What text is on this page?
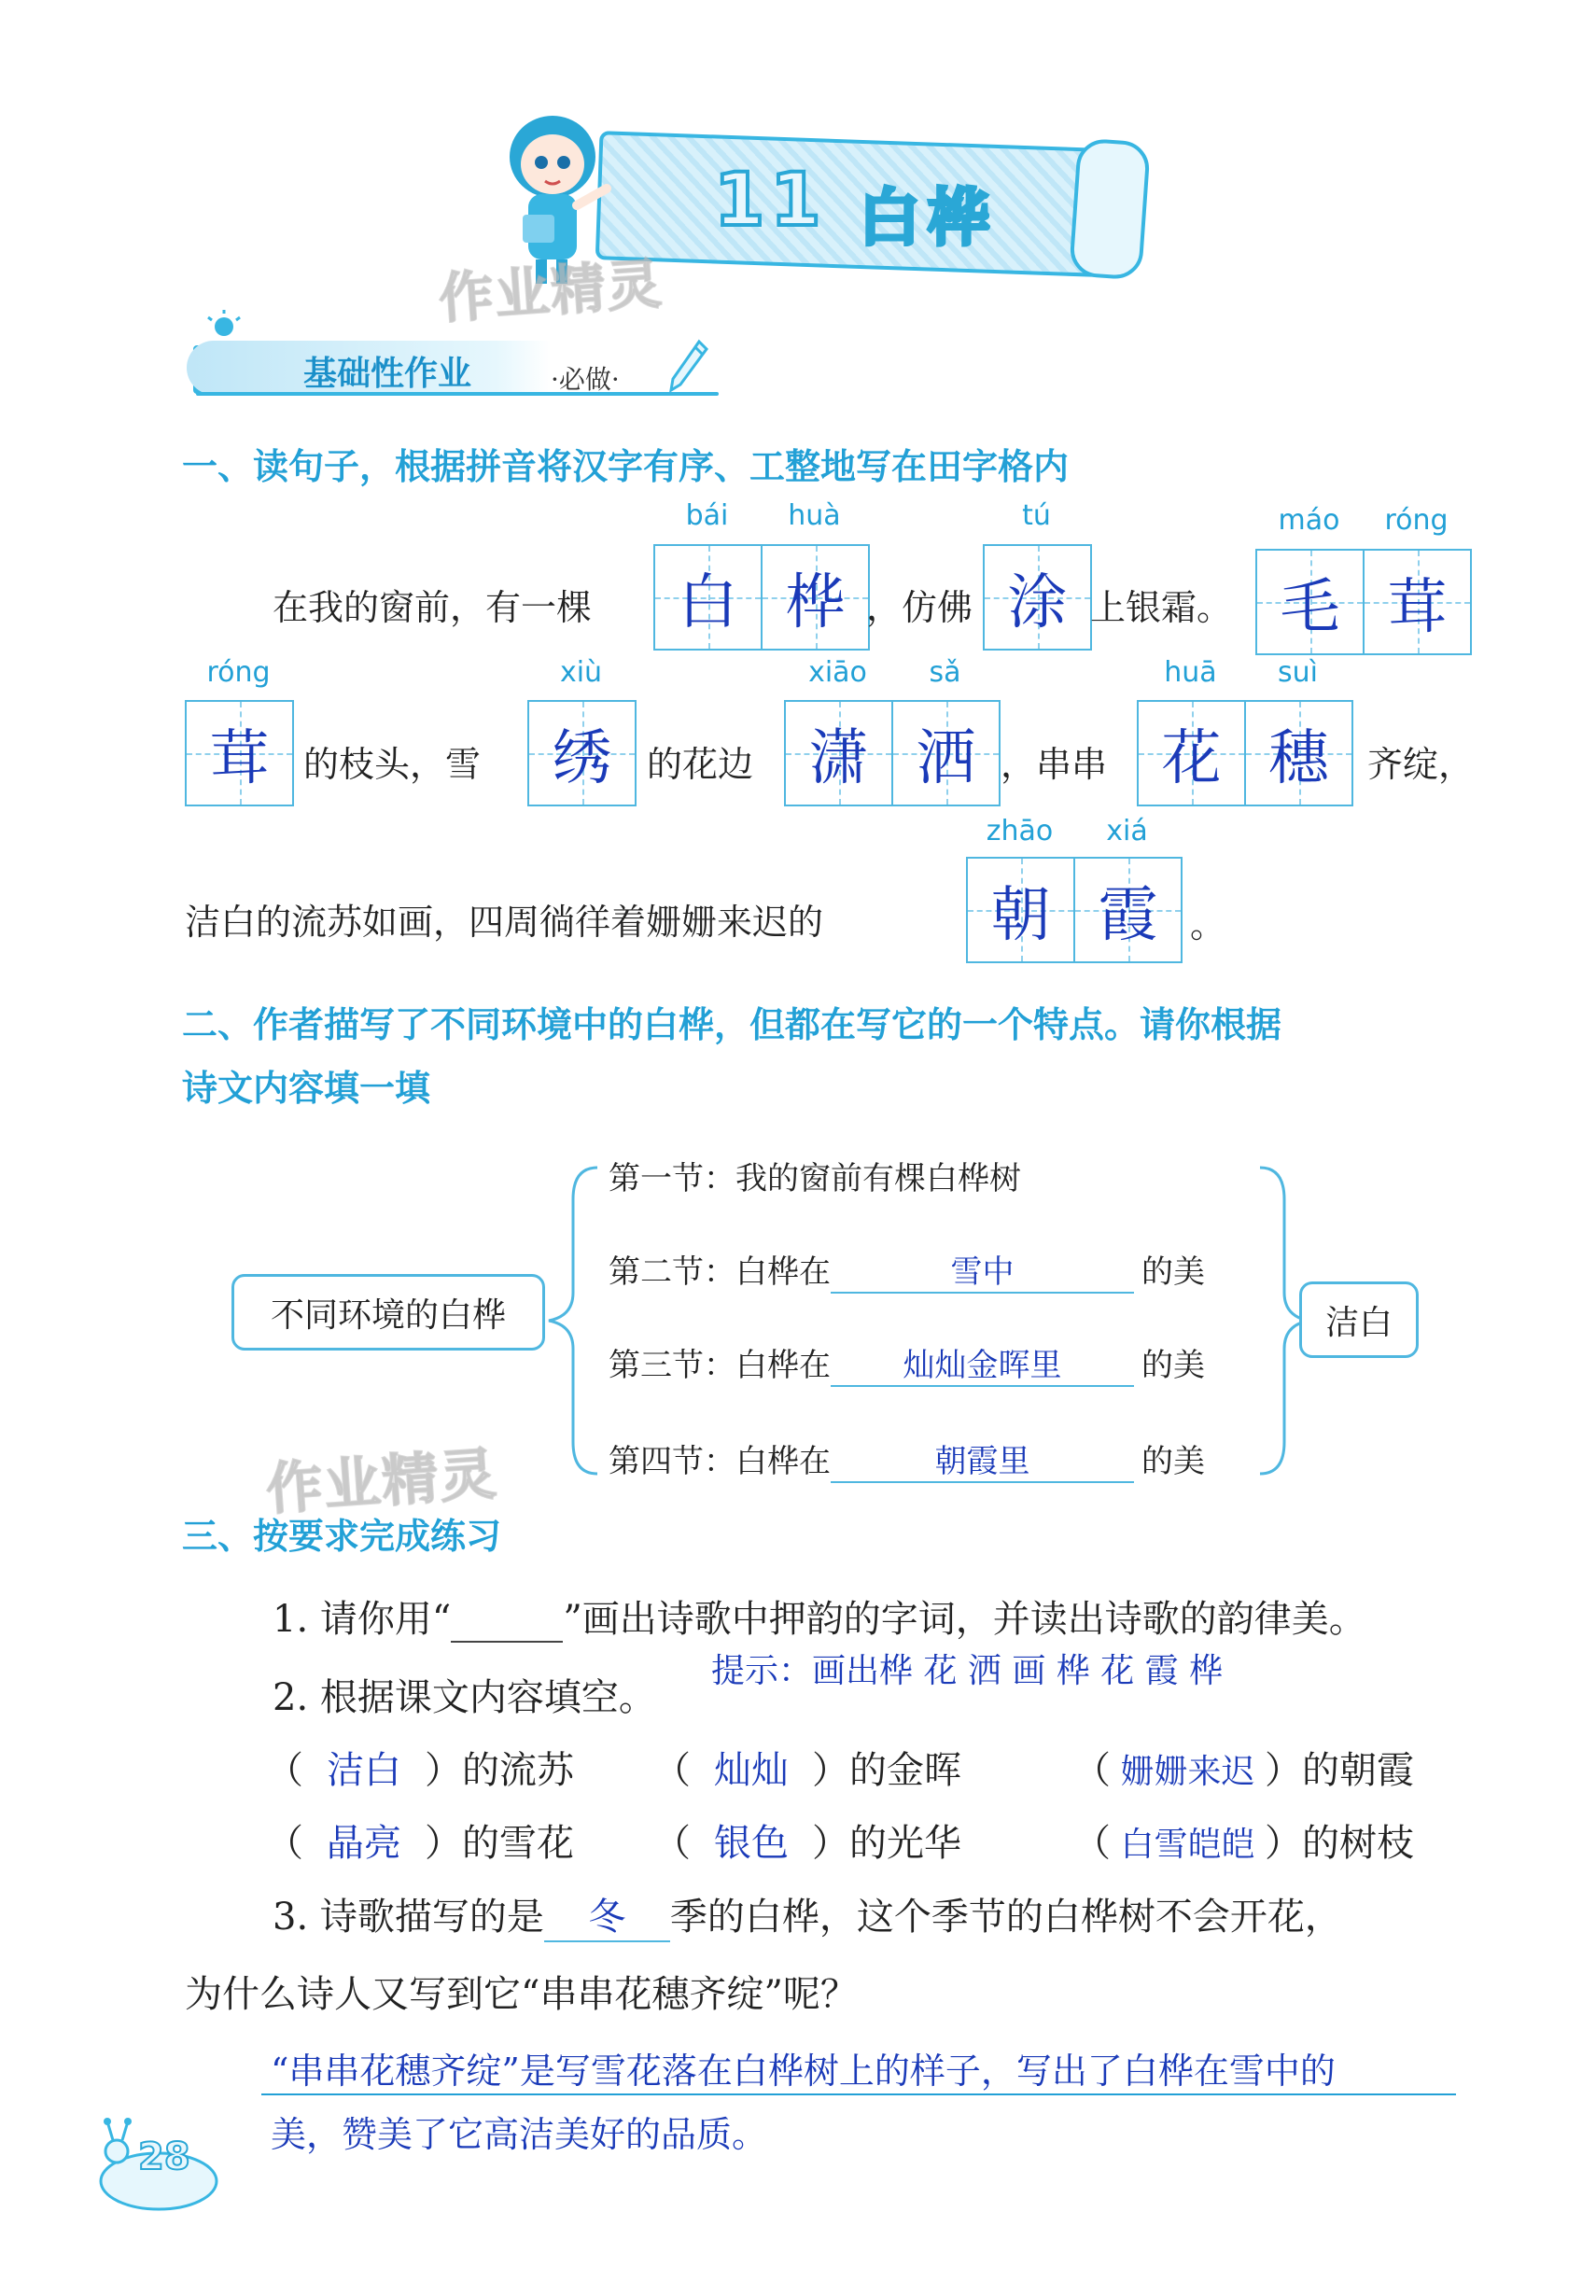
11 白桦
作业精灵
基础性作业	·必做·
一、读句子，根据拼音将汉字有序、工整地写在田字格内
bái	huà	tú	máo	róng
在我的窗前，有一棵 白 桦 ，仿佛 涂 上银霜。 毛 茸
róng	xiù	xiāo	sǎ	huā	suì
茸 的枝头，雪 绣 的花边 潇 洒 ，串串 花 穗 齐绽，
zhāo	xiá
洁白的流苏如画，四周徜徉着姗姗来迟的	朝 霞 。
二、作者描写了不同环境中的白桦，但都在写它的一个特点。请你根据
诗文内容填一填
不同环境的白桦	洁白
第一节：我的窗前有棵白桦树
第二节：白桦在	雪中	的美
第三节：白桦在 灿灿金晖里	的美
第四节：白桦在	朝霞里	的美
作业精灵
三、按要求完成练习
1. 请你用“	”画出诗歌中押韵的字词，并读出诗歌的韵律美。
提示：画出桦 花 洒 画 桦 花 霞 桦
2. 根据课文内容填空。
（ 洁白 ）的流苏 （ 灿灿 ）的金晖	（ 姗姗来迟 ）的朝霞
（ 晶亮 ）的雪花 （ 银色 ）的光华	（ 白雪皑皑 ）的树枝
3. 诗歌描写的是 冬 季的白桦，这个季节的白桦树不会开花，
为什么诗人又写到它“串串花穗齐绽”呢？
“串串花穗齐绽”是写雪花落在白桦树上的样子，写出了白桦在雪中的
美，赞美了它高洁美好的品质。
28
